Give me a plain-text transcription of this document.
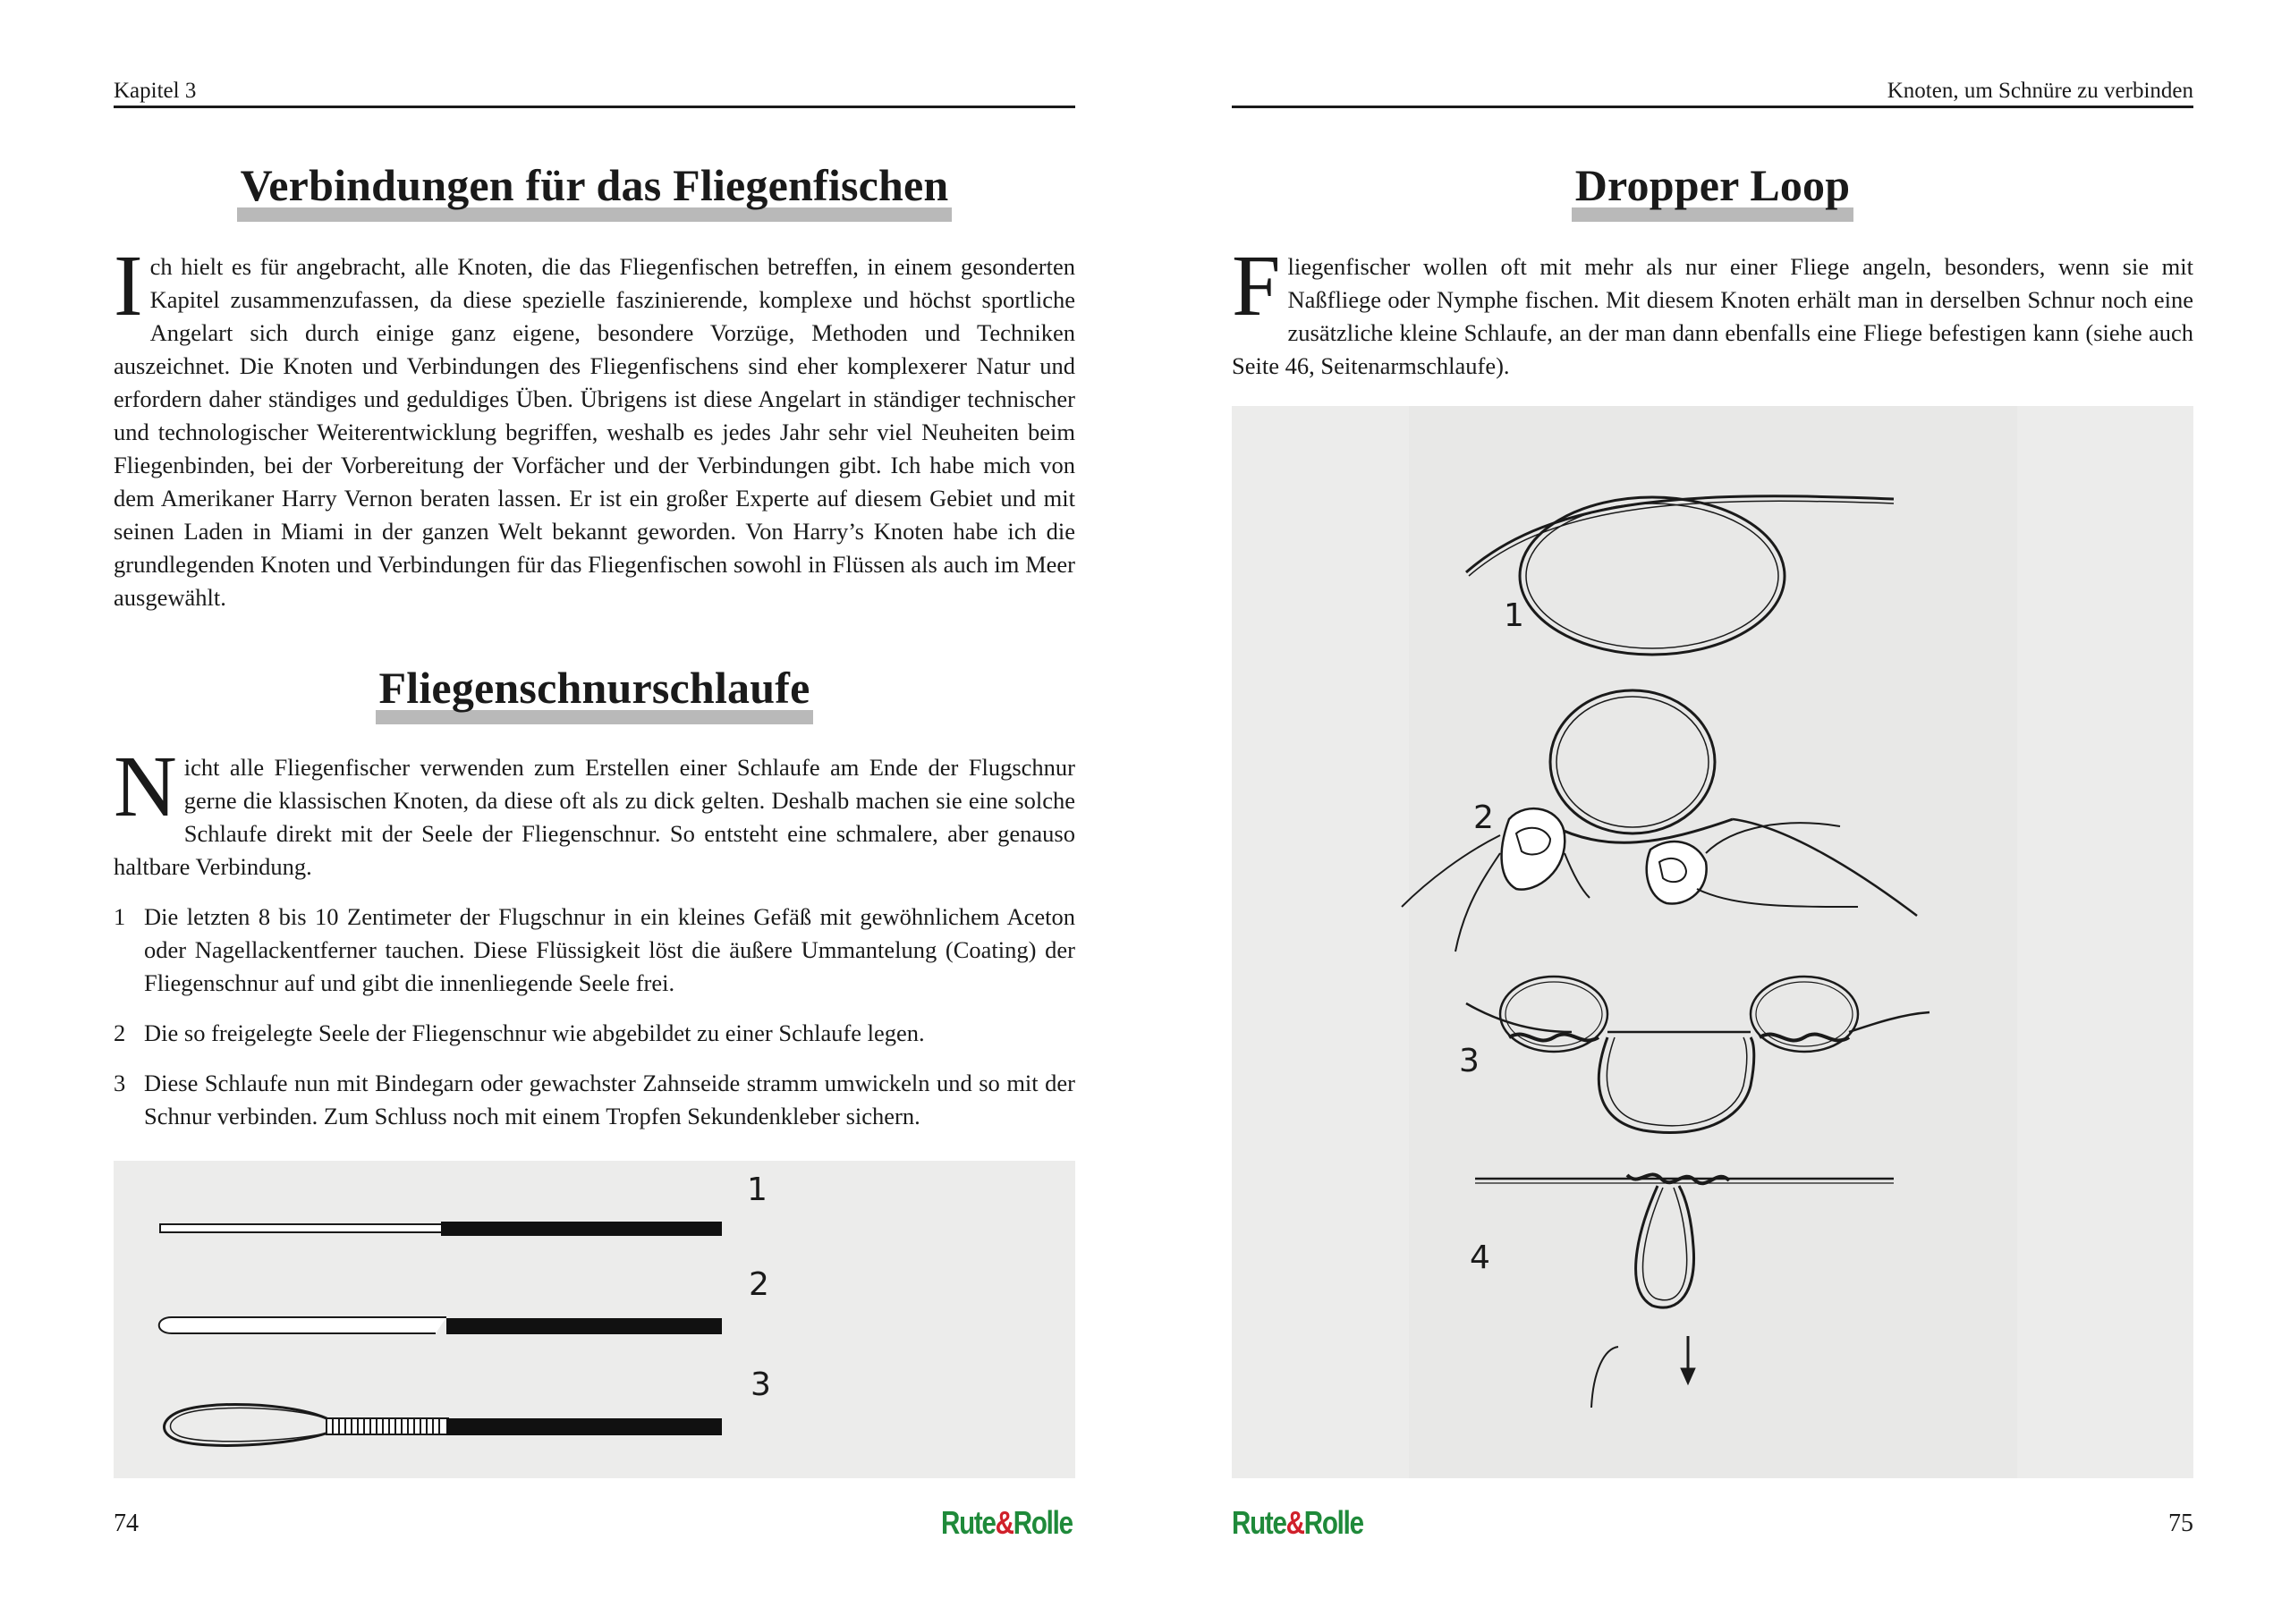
Kapitel 3
Verbindungen für das Fliegenfischen

Ich hielt es für angebracht, alle Knoten, die das Fliegenfischen betreffen, in einem gesonderten Kapitel zusammenzufassen, da diese spezielle faszinierende, komplexe und höchst sportliche Angelart sich durch einige ganz eigene, besondere Vorzüge, Methoden und Techniken auszeichnet. Die Knoten und Verbindungen des Fliegenfischens sind eher komplexerer Natur und erfordern daher ständiges und geduldiges Üben. Übrigens ist diese Angelart in ständiger technischer und technologischer Weiterentwicklung begriffen, weshalb es jedes Jahr sehr viel Neuheiten beim Fliegenbinden, bei der Vorbereitung der Vorfächer und der Verbindungen gibt. Ich habe mich von dem Amerikaner Harry Vernon beraten lassen. Er ist ein großer Experte auf diesem Gebiet und mit seinen Laden in Miami in der ganzen Welt bekannt geworden. Von Harry’s Knoten habe ich die grundlegenden Knoten und Verbindungen für das Fliegenfischen sowohl in Flüssen als auch im Meer ausgewählt.

Fliegenschnurschlaufe

Nicht alle Fliegenfischer verwenden zum Erstellen einer Schlaufe am Ende der Flugschnur gerne die klassischen Knoten, da diese oft als zu dick gelten. Deshalb machen sie eine solche Schlaufe direkt mit der Seele der Fliegenschnur. So entsteht eine schmalere, aber genauso haltbare Verbindung.

1 Die letzten 8 bis 10 Zentimeter der Flugschnur in ein kleines Gefäß mit gewöhnlichem Aceton oder Nagellackentferner tauchen. Diese Flüssigkeit löst die äußere Ummantelung (Coating) der Fliegenschnur auf und gibt die innenliegende Seele frei.

2 Die so freigelegte Seele der Fliegenschnur wie abgebildet zu einer Schlaufe legen.

3 Diese Schlaufe nun mit Bindegarn oder gewachster Zahnseide stramm umwickeln und so mit der Schnur verbinden. Zum Schluss noch mit einem Tropfen Sekundenkleber sichern.

1
2
3
74	Rute&Rolle
Knoten, um Schnüre zu verbinden
Dropper Loop

Fliegenfischer wollen oft mit mehr als nur einer Fliege angeln, besonders, wenn sie mit Naßfliege oder Nymphe fischen. Mit diesem Knoten erhält man in derselben Schnur noch eine zusätzliche kleine Schlaufe, an der man dann ebenfalls eine Fliege befestigen kann (siehe auch Seite 46, Seitenarmschlaufe).

1
2
3
4
75
Rute&Rolle
